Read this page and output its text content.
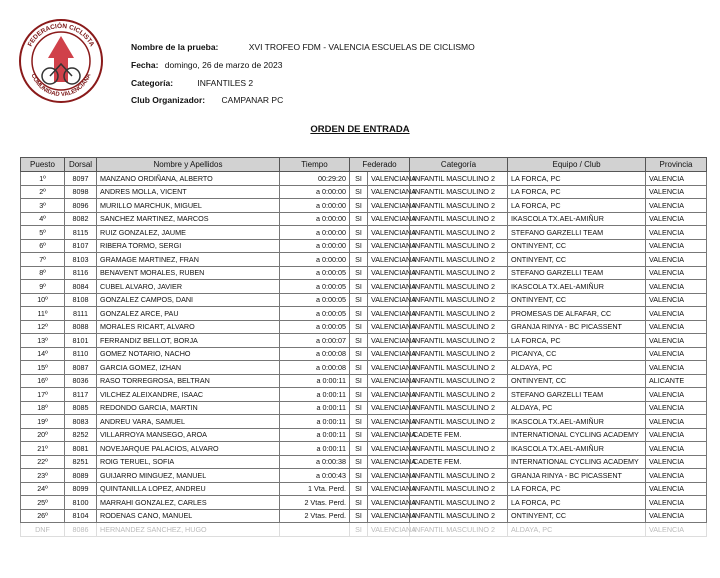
FEDERACIÓN CICLISTA
COMUNIDAD VALENCIANA
Nombre de la prueba:	XVI TROFEO FDM - VALENCIA ESCUELAS DE CICLISMO
Fecha: domingo, 26 de marzo de 2023
Categoría:	INFANTILES 2
Club Organizador: CAMPANAR PC
ORDEN DE ENTRADA
Puesto	Dorsal	Nombre y Apellidos	Tiempo	Federado		Categoría	Equipo / Club	Provincia
1º	8097	MANZANO ORDIÑANA, ALBERTO	00:29:20	SI	VALENCIANA	INFANTIL MASCULINO 2	LA FORCA, PC	VALENCIA
2º	8098	ANDRES MOLLA, VICENT	a 0:00:00	SI	VALENCIANA	INFANTIL MASCULINO 2	LA FORCA, PC	VALENCIA
3º	8096	MURILLO MARCHUK, MIGUEL	a 0:00:00	SI	VALENCIANA	INFANTIL MASCULINO 2	LA FORCA, PC	VALENCIA
4º	8082	SANCHEZ MARTINEZ, MARCOS	a 0:00:00	SI	VALENCIANA	INFANTIL MASCULINO 2	IKASCOLA TX.AEL-AMIÑUR	VALENCIA
5º	8115	RUIZ GONZALEZ, JAUME	a 0:00:00	SI	VALENCIANA	INFANTIL MASCULINO 2	STEFANO GARZELLI TEAM	VALENCIA
6º	8107	RIBERA TORMO, SERGI	a 0:00:00	SI	VALENCIANA	INFANTIL MASCULINO 2	ONTINYENT, CC	VALENCIA
7º	8103	GRAMAGE MARTINEZ, FRAN	a 0:00:00	SI	VALENCIANA	INFANTIL MASCULINO 2	ONTINYENT, CC	VALENCIA
8º	8116	BENAVENT MORALES, RUBEN	a 0:00:05	SI	VALENCIANA	INFANTIL MASCULINO 2	STEFANO GARZELLI TEAM	VALENCIA
9º	8084	CUBEL ALVARO, JAVIER	a 0:00:05	SI	VALENCIANA	INFANTIL MASCULINO 2	IKASCOLA TX.AEL-AMIÑUR	VALENCIA
10º	8108	GONZALEZ CAMPOS, DANI	a 0:00:05	SI	VALENCIANA	INFANTIL MASCULINO 2	ONTINYENT, CC	VALENCIA
11º	8111	GONZALEZ ARCE, PAU	a 0:00:05	SI	VALENCIANA	INFANTIL MASCULINO 2	PROMESAS DE ALFAFAR, CC	VALENCIA
12º	8088	MORALES RICART, ALVARO	a 0:00:05	SI	VALENCIANA	INFANTIL MASCULINO 2	GRANJA RINYA - BC PICASSENT	VALENCIA
13º	8101	FERRANDIZ BELLOT, BORJA	a 0:00:07	SI	VALENCIANA	INFANTIL MASCULINO 2	LA FORCA, PC	VALENCIA
14º	8110	GOMEZ NOTARIO, NACHO	a 0:00:08	SI	VALENCIANA	INFANTIL MASCULINO 2	PICANYA, CC	VALENCIA
15º	8087	GARCIA GOMEZ, IZHAN	a 0:00:08	SI	VALENCIANA	INFANTIL MASCULINO 2	ALDAYA, PC	VALENCIA
16º	8036	RASO TORREGROSA, BELTRAN	a 0:00:11	SI	VALENCIANA	INFANTIL MASCULINO 2	ONTINYENT, CC	ALICANTE
17º	8117	VILCHEZ ALEIXANDRE, ISAAC	a 0:00:11	SI	VALENCIANA	INFANTIL MASCULINO 2	STEFANO GARZELLI TEAM	VALENCIA
18º	8085	REDONDO GARCIA, MARTIN	a 0:00:11	SI	VALENCIANA	INFANTIL MASCULINO 2	ALDAYA, PC	VALENCIA
19º	8083	ANDREU VARA, SAMUEL	a 0:00:11	SI	VALENCIANA	INFANTIL MASCULINO 2	IKASCOLA TX.AEL-AMIÑUR	VALENCIA
20º	8252	VILLARROYA MANSEGO, AROA	a 0:00:11	SI	VALENCIANA	CADETE FEM.	INTERNATIONAL CYCLING ACADEMY	VALENCIA
21º	8081	NOVEJARQUE PALACIOS, ALVARO	a 0:00:11	SI	VALENCIANA	INFANTIL MASCULINO 2	IKASCOLA TX.AEL-AMIÑUR	VALENCIA
22º	8251	ROIG TERUEL, SOFIA	a 0:00:38	SI	VALENCIANA	CADETE FEM.	INTERNATIONAL CYCLING ACADEMY	VALENCIA
23º	8089	GUIJARRO MINGUEZ, MANUEL	a 0:00:43	SI	VALENCIANA	INFANTIL MASCULINO 2	GRANJA RINYA - BC PICASSENT	VALENCIA
24º	8099	QUINTANILLA LOPEZ, ANDREU	1 Vta. Perd.	SI	VALENCIANA	INFANTIL MASCULINO 2	LA FORCA, PC	VALENCIA
25º	8100	MARRAHI GONZALEZ, CARLES	2 Vtas. Perd.	SI	VALENCIANA	INFANTIL MASCULINO 2	LA FORCA, PC	VALENCIA
26º	8104	RODENAS CANO, MANUEL	2 Vtas. Perd.	SI	VALENCIANA	INFANTIL MASCULINO 2	ONTINYENT, CC	VALENCIA
DNF	8086	HERNANDEZ SANCHEZ, HUGO		SI	VALENCIANA	INFANTIL MASCULINO 2	ALDAYA, PC	VALENCIA
